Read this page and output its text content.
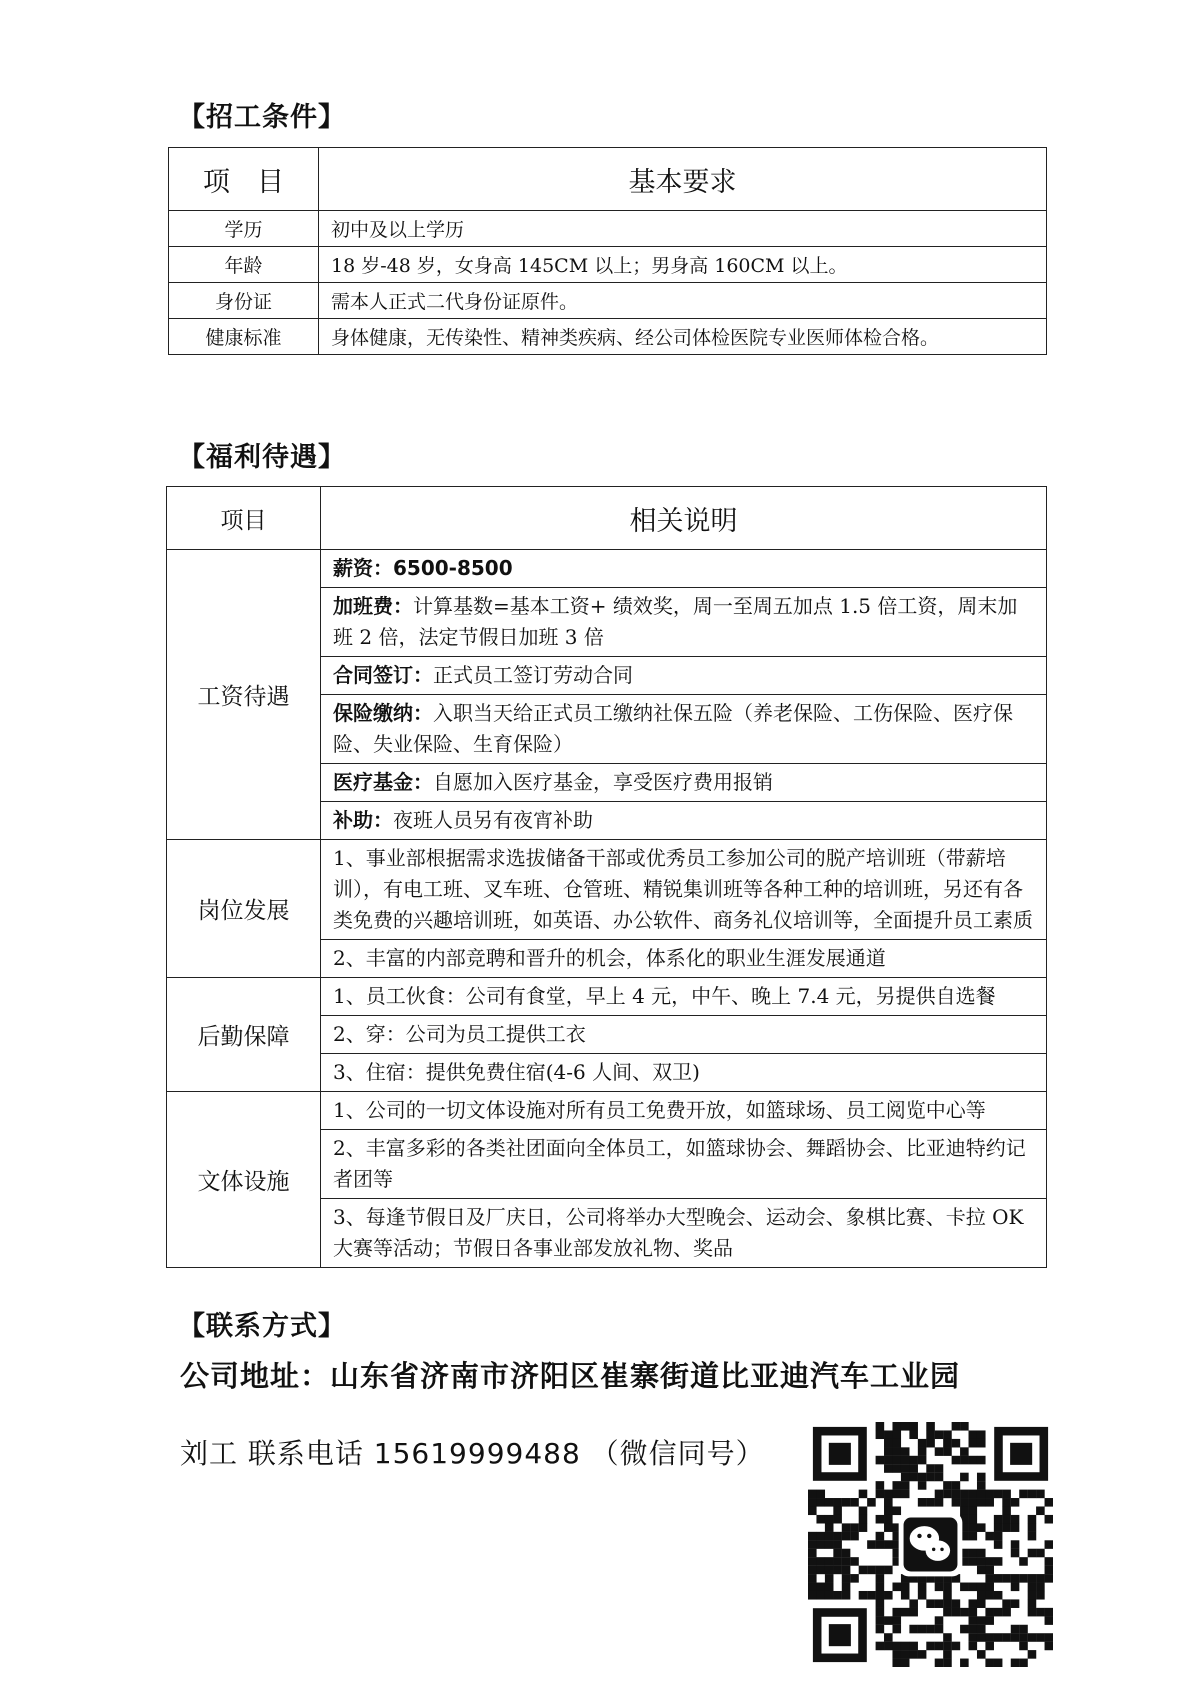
【招工条件】
项　目	基本要求
学历	初中及以上学历
年龄	18 岁-48 岁，女身高 145CM 以上；男身高 160CM 以上。
身份证	需本人正式二代身份证原件。
健康标准	身体健康，无传染性、精神类疾病、经公司体检医院专业医师体检合格。
【福利待遇】
项目	相关说明
工资待遇	薪资：6500-8500
	加班费：计算基数=基本工资+ 绩效奖，周一至周五加点 1.5 倍工资，周末加班 2 倍，法定节假日加班 3 倍
	合同签订：正式员工签订劳动合同
	保险缴纳：入职当天给正式员工缴纳社保五险（养老保险、工伤保险、医疗保险、失业保险、生育保险）
	医疗基金：自愿加入医疗基金，享受医疗费用报销
	补助：夜班人员另有夜宵补助
岗位发展	1、事业部根据需求选拔储备干部或优秀员工参加公司的脱产培训班（带薪培训），有电工班、叉车班、仓管班、精锐集训班等各种工种的培训班，另还有各类免费的兴趣培训班，如英语、办公软件、商务礼仪培训等，全面提升员工素质
	2、丰富的内部竞聘和晋升的机会，体系化的职业生涯发展通道
后勤保障	1、员工伙食：公司有食堂，早上 4 元，中午、晚上 7.4 元，另提供自选餐
	2、穿：公司为员工提供工衣
	3、住宿：提供免费住宿(4-6 人间、双卫)
文体设施	1、公司的一切文体设施对所有员工免费开放，如篮球场、员工阅览中心等
	2、丰富多彩的各类社团面向全体员工，如篮球协会、舞蹈协会、比亚迪特约记者团等
	3、每逢节假日及厂庆日，公司将举办大型晚会、运动会、象棋比赛、卡拉 OK 大赛等活动；节假日各事业部发放礼物、奖品
【联系方式】
公司地址：山东省济南市济阳区崔寨街道比亚迪汽车工业园
刘工 联系电话 15619999488 （微信同号）
